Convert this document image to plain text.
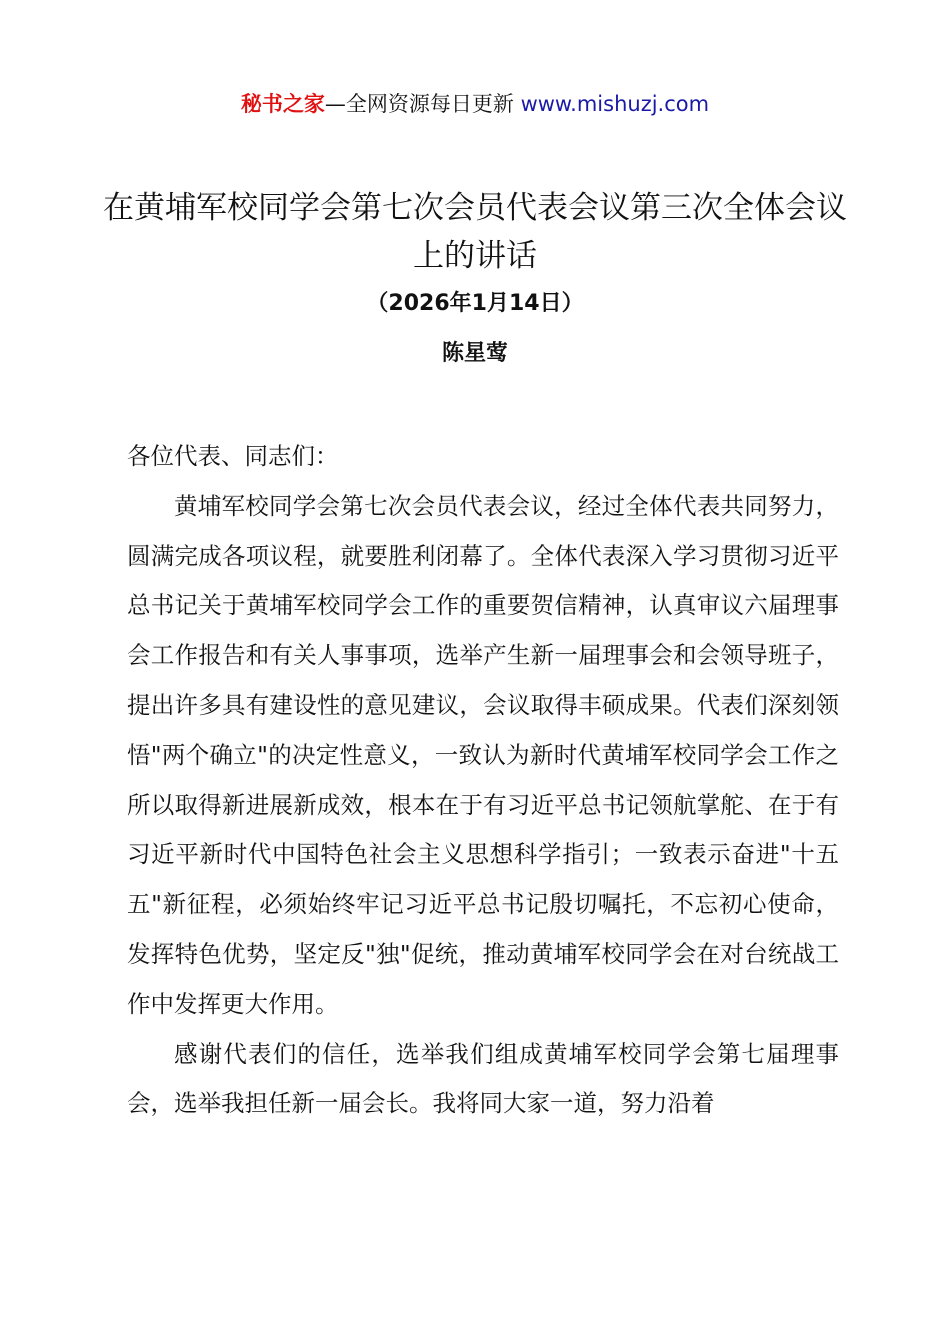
秘书之家—全网资源每日更新 www.mishuzj.com
在黄埔军校同学会第七次会员代表会议第三次全体会议上的讲话
（2026年1月14日）
陈星莺

各位代表、同志们：

黄埔军校同学会第七次会员代表会议，经过全体代表共同努力，圆满完成各项议程，就要胜利闭幕了。全体代表深入学习贯彻习近平总书记关于黄埔军校同学会工作的重要贺信精神，认真审议六届理事会工作报告和有关人事事项，选举产生新一届理事会和会领导班子，提出许多具有建设性的意见建议，会议取得丰硕成果。代表们深刻领悟"两个确立"的决定性意义，一致认为新时代黄埔军校同学会工作之所以取得新进展新成效，根本在于有习近平总书记领航掌舵、在于有习近平新时代中国特色社会主义思想科学指引；一致表示奋进"十五五"新征程，必须始终牢记习近平总书记殷切嘱托，不忘初心使命，发挥特色优势，坚定反"独"促统，推动黄埔军校同学会在对台统战工作中发挥更大作用。

感谢代表们的信任，选举我们组成黄埔军校同学会第七届理事会，选举我担任新一届会长。我将同大家一道，努力沿着
